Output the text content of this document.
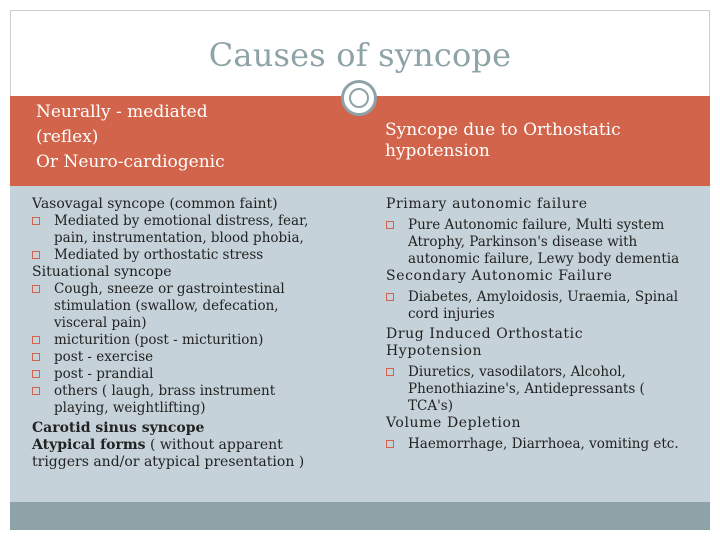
Causes of syncope
Neurally - mediated
(reflex)
Or Neuro-cardiogenic
Syncope due to Orthostatic
hypotension

Vasovagal syncope (common faint)

Mediated by emotional distress, fear,
pain, instrumentation, blood phobia,
Mediated by orthostatic stress

Situational syncope

Cough, sneeze or gastrointestinal
stimulation (swallow, defecation,
visceral pain)
micturition (post - micturition)
post - exercise
post - prandial
others ( laugh, brass instrument
playing, weightlifting)

Carotid sinus syncope

Atypical forms ( without apparent

triggers and/or atypical presentation )

Primary autonomic failure

Pure Autonomic failure, Multi system
Atrophy, Parkinson's disease with
autonomic failure, Lewy body dementia

Secondary Autonomic Failure

Diabetes, Amyloidosis, Uraemia, Spinal
cord injuries

Drug Induced Orthostatic

Hypotension

Diuretics, vasodilators, Alcohol,
Phenothiazine's, Antidepressants (
TCA's)

Volume Depletion

Haemorrhage, Diarrhoea, vomiting etc.
